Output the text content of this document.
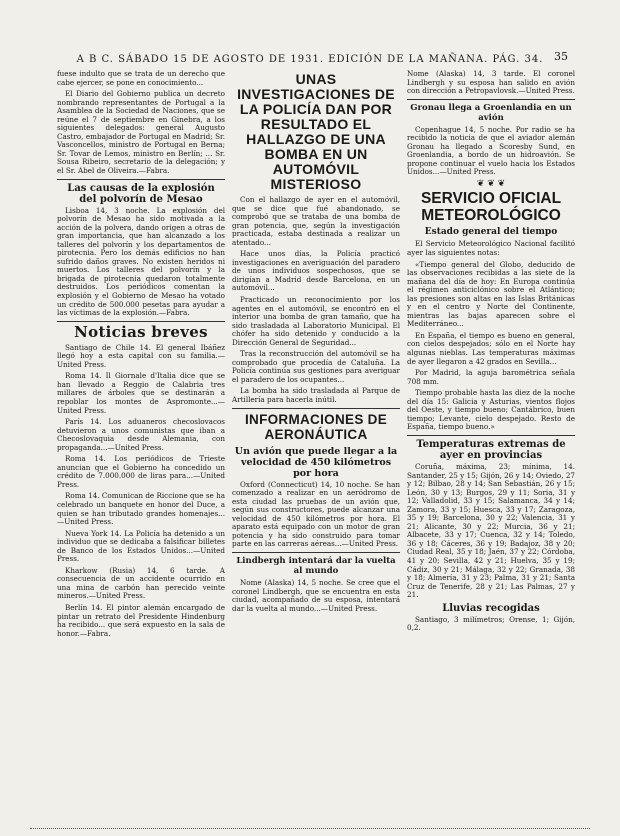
A B C. SÁBADO 15 DE AGOSTO DE 1931. EDICIÓN DE LA MAÑANA. PÁG. 34. 35

fuese indulto que se trata de un derecho que cabe ejercer, se pone en conocimiento...

El Diario del Gobierno publica un decreto nombrando representantes de Portugal a la Asamblea de la Sociedad de Naciones, que se reúne el 7 de septiembre en Ginebra, a los siguientes delegados: general Augusto Castro, embajador de Portugal en Madrid; Sr. Vasconcellos, ministro de Portugal en Berna; Sr. Tovar de Lemos, ministro en Berlín; ... Sr. Sousa Ribeiro, secretario de la delegación; y el Sr. Abel de Oliveira.—Fabra.

Las causas de la explosión del polvorín de Mesao

Lisboa 14, 3 noche. La explosión del polvorín de Mesao ha sido motivada a la acción de la polvera, dando origen a otras de gran importancia, que han alcanzado a los talleres del polvorín y los departamentos de pirotecnia. Pero los demás edificios no han sufrido daños graves. No existen heridos ni muertos. Los talleres del polvorín y la brigada de pirotecnia quedaron totalmente destruidos. Los periódicos comentan la explosión y el Gobierno de Mesao ha votado un crédito de 500.000 pesetas para ayudar a las víctimas de la explosión.—Fabra.

Noticias breves

Santiago de Chile 14. El general Ibáñez llegó hoy a esta capital con su familia.—United Press.

Roma 14. Il Giornale d'Italia dice que se han llevado a Reggio de Calabria tres millares de árboles que se destinarán a repoblar los montes de Aspromonte...—United Press.

París 14. Los aduaneros checoslovacos detuvieron a unos comunistas que iban a Checoslovaquia desde Alemania, con propaganda...—United Press.

Roma 14. Los periódicos de Trieste anuncian que el Gobierno ha concedido un crédito de 7.000.000 de liras para...—United Press.

Roma 14. Comunican de Riccione que se ha celebrado un banquete en honor del Duce, a quien se han tributado grandes homenajes...—United Press.

Nueva York 14. La Policía ha detenido a un individuo que se dedicaba a falsificar billetes de Banco de los Estados Unidos...—United Press.

Kharkow (Rusia) 14, 6 tarde. A consecuencia de un accidente ocurrido en una mina de carbón han perecido veinte mineros.—United Press.

Berlín 14. El pintor alemán encargado de pintar un retrato del Presidente Hindenburg ha recibido... que será expuesto en la sala de honor.—Fabra.

UNAS INVESTIGACIONES DE LA POLICÍA DAN POR RESULTADO EL HALLAZGO DE UNA BOMBA EN UN AUTOMÓVIL MISTERIOSO

Con el hallazgo de ayer en el automóvil, que se dice que fué abandonado, se comprobó que se trataba de una bomba de gran potencia, que, según la investigación practicada, estaba destinada a realizar un atentado...

Hace unos días, la Policía practicó investigaciones en averiguación del paradero de unos individuos sospechosos, que se dirigían a Madrid desde Barcelona, en un automóvil...

Practicado un reconocimiento por los agentes en el automóvil, se encontró en el interior una bomba de gran tamaño, que ha sido trasladada al Laboratorio Municipal. El chófer ha sido detenido y conducido a la Dirección General de Seguridad...

Tras la reconstrucción del automóvil se ha comprobado que procedía de Cataluña. La Policía continúa sus gestiones para averiguar el paradero de los ocupantes...

La bomba ha sido trasladada al Parque de Artillería para hacerla inútil.

INFORMACIONES DE AERONÁUTICA
Un avión que puede llegar a la velocidad de 450 kilómetros por hora

Oxford (Connecticut) 14, 10 noche. Se han comenzado a realizar en un aeródromo de esta ciudad las pruebas de un avión que, según sus constructores, puede alcanzar una velocidad de 450 kilómetros por hora. El aparato está equipado con un motor de gran potencia y ha sido construido para tomar parte en las carreras aéreas...—United Press.

Lindbergh intentará dar la vuelta al mundo

Nome (Alaska) 14, 5 noche. Se cree que el coronel Lindbergh, que se encuentra en esta ciudad, acompañado de su esposa, intentará dar la vuelta al mundo...—United Press.

Nome (Alaska) 14, 3 tarde. El coronel Lindbergh y su esposa han salido en avión con dirección a Petropavlovsk.—United Press.

Gronau llega a Groenlandia en un avión

Copenhague 14, 5 noche. Por radio se ha recibido la noticia de que el aviador alemán Gronau ha llegado a Scoresby Sund, en Groenlandia, a bordo de un hidroavión. Se propone continuar el vuelo hacia los Estados Unidos...—United Press.

❦ ❦ ❦
SERVICIO OFICIAL METEOROLÓGICO
Estado general del tiempo

El Servicio Meteorológico Nacional facilitó ayer las siguientes notas:

«Tiempo general del Globo, deducido de las observaciones recibidas a las siete de la mañana del día de hoy: En Europa continúa el régimen anticiclónico sobre el Atlántico; las presiones son altas en las Islas Británicas y en el centro y Norte del Continente, mientras las bajas aparecen sobre el Mediterráneo...

En España, el tiempo es bueno en general, con cielos despejados; sólo en el Norte hay algunas nieblas. Las temperaturas máximas de ayer llegaron a 42 grados en Sevilla...

Por Madrid, la aguja barométrica señala 708 mm.

Tiempo probable hasta las diez de la noche del día 15: Galicia y Asturias, vientos flojos del Oeste, y tiempo bueno; Cantábrico, buen tiempo; Levante, cielo despejado. Resto de España, tiempo bueno.»

Temperaturas extremas de ayer en provincias

Coruña, máxima, 23; mínima, 14. Santander, 25 y 15; Gijón, 26 y 14; Oviedo, 27 y 12; Bilbao, 28 y 14; San Sebastián, 26 y 15; León, 30 y 13; Burgos, 29 y 11; Soria, 31 y 12; Valladolid, 33 y 15; Salamanca, 34 y 14; Zamora, 33 y 15; Huesca, 33 y 17; Zaragoza, 35 y 19; Barcelona, 30 y 22; Valencia, 31 y 21; Alicante, 30 y 22; Murcia, 36 y 21; Albacete, 33 y 17; Cuenca, 32 y 14; Toledo, 36 y 18; Cáceres, 36 y 19; Badajoz, 38 y 20; Ciudad Real, 35 y 18; Jaén, 37 y 22; Córdoba, 41 y 20; Sevilla, 42 y 21; Huelva, 35 y 19; Cádiz, 30 y 21; Málaga, 32 y 22; Granada, 38 y 18; Almería, 31 y 23; Palma, 31 y 21; Santa Cruz de Tenerife, 28 y 21; Las Palmas, 27 y 21.

Lluvias recogidas

Santiago, 3 milímetros; Orense, 1; Gijón, 0,2.
